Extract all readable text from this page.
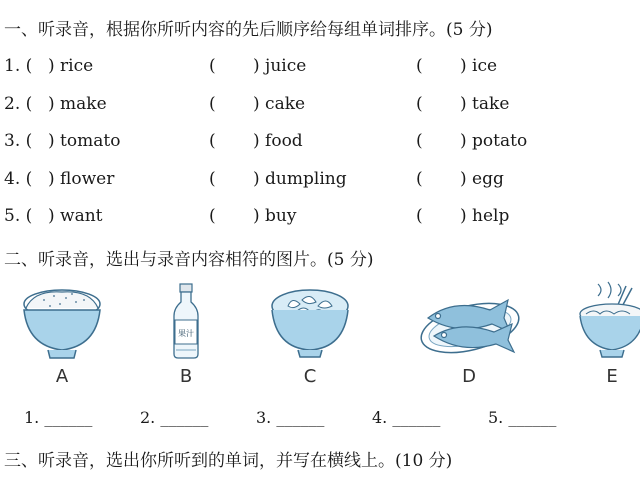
一、听录音，根据你所听内容的先后顺序给每组单词排序。(5 分)
1. ( ) rice	( ) juice	( ) ice
2. ( ) make	( ) cake	( ) take
3. ( ) tomato	( ) food	( ) potato
4. ( ) flower	( ) dumpling	( ) egg
5. ( ) want	( ) buy	( ) help
二、听录音，选出与录音内容相符的图片。(5 分)
A
果汁
B	C	D	E
1. ______	2. ______	3. ______	4. ______	5. ______
三、听录音，选出你所听到的单词，并写在横线上。(10 分)
